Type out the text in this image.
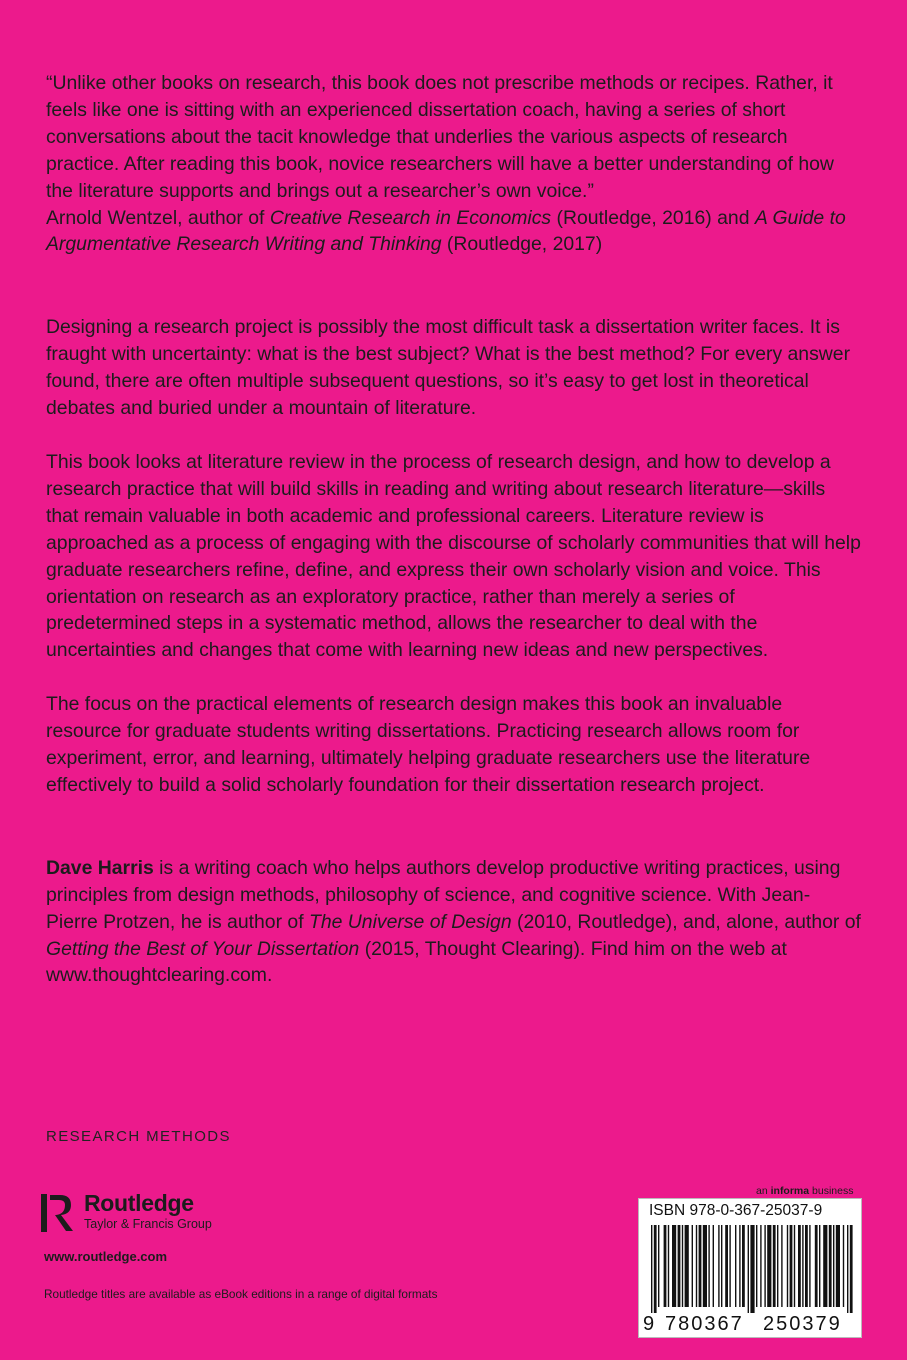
“Unlike other books on research, this book does not prescribe methods or recipes. Rather, it feels like one is sitting with an experienced dissertation coach, having a series of short conversations about the tacit knowledge that underlies the various aspects of research practice. After reading this book, novice researchers will have a better understanding of how the literature supports and brings out a researcher’s own voice.”
Arnold Wentzel, author of Creative Research in Economics (Routledge, 2016) and A Guide to Argumentative Research Writing and Thinking (Routledge, 2017)

Designing a research project is possibly the most difficult task a dissertation writer faces. It is fraught with uncertainty: what is the best subject? What is the best method? For every answer found, there are often multiple subsequent questions, so it’s easy to get lost in theoretical debates and buried under a mountain of literature.

This book looks at literature review in the process of research design, and how to develop a research practice that will build skills in reading and writing about research literature—skills that remain valuable in both academic and professional careers. Literature review is approached as a process of engaging with the discourse of scholarly communities that will help graduate researchers refine, define, and express their own scholarly vision and voice. This orientation on research as an exploratory practice, rather than merely a series of predetermined steps in a systematic method, allows the researcher to deal with the uncertainties and changes that come with learning new ideas and new perspectives.

The focus on the practical elements of research design makes this book an invaluable resource for graduate students writing dissertations. Practicing research allows room for experiment, error, and learning, ultimately helping graduate researchers use the literature effectively to build a solid scholarly foundation for their dissertation research project.

Dave Harris is a writing coach who helps authors develop productive writing practices, using principles from design methods, philosophy of science, and cognitive science. With Jean-Pierre Protzen, he is author of The Universe of Design (2010, Routledge), and, alone, author of Getting the Best of Your Dissertation (2015, Thought Clearing). Find him on the web at www.thoughtclearing.com.

RESEARCH METHODS
Routledge
Taylor & Francis Group
www.routledge.com
Routledge titles are available as eBook editions in a range of digital formats
an informa business
ISBN 978-0-367-25037-9
9 780367 250379
